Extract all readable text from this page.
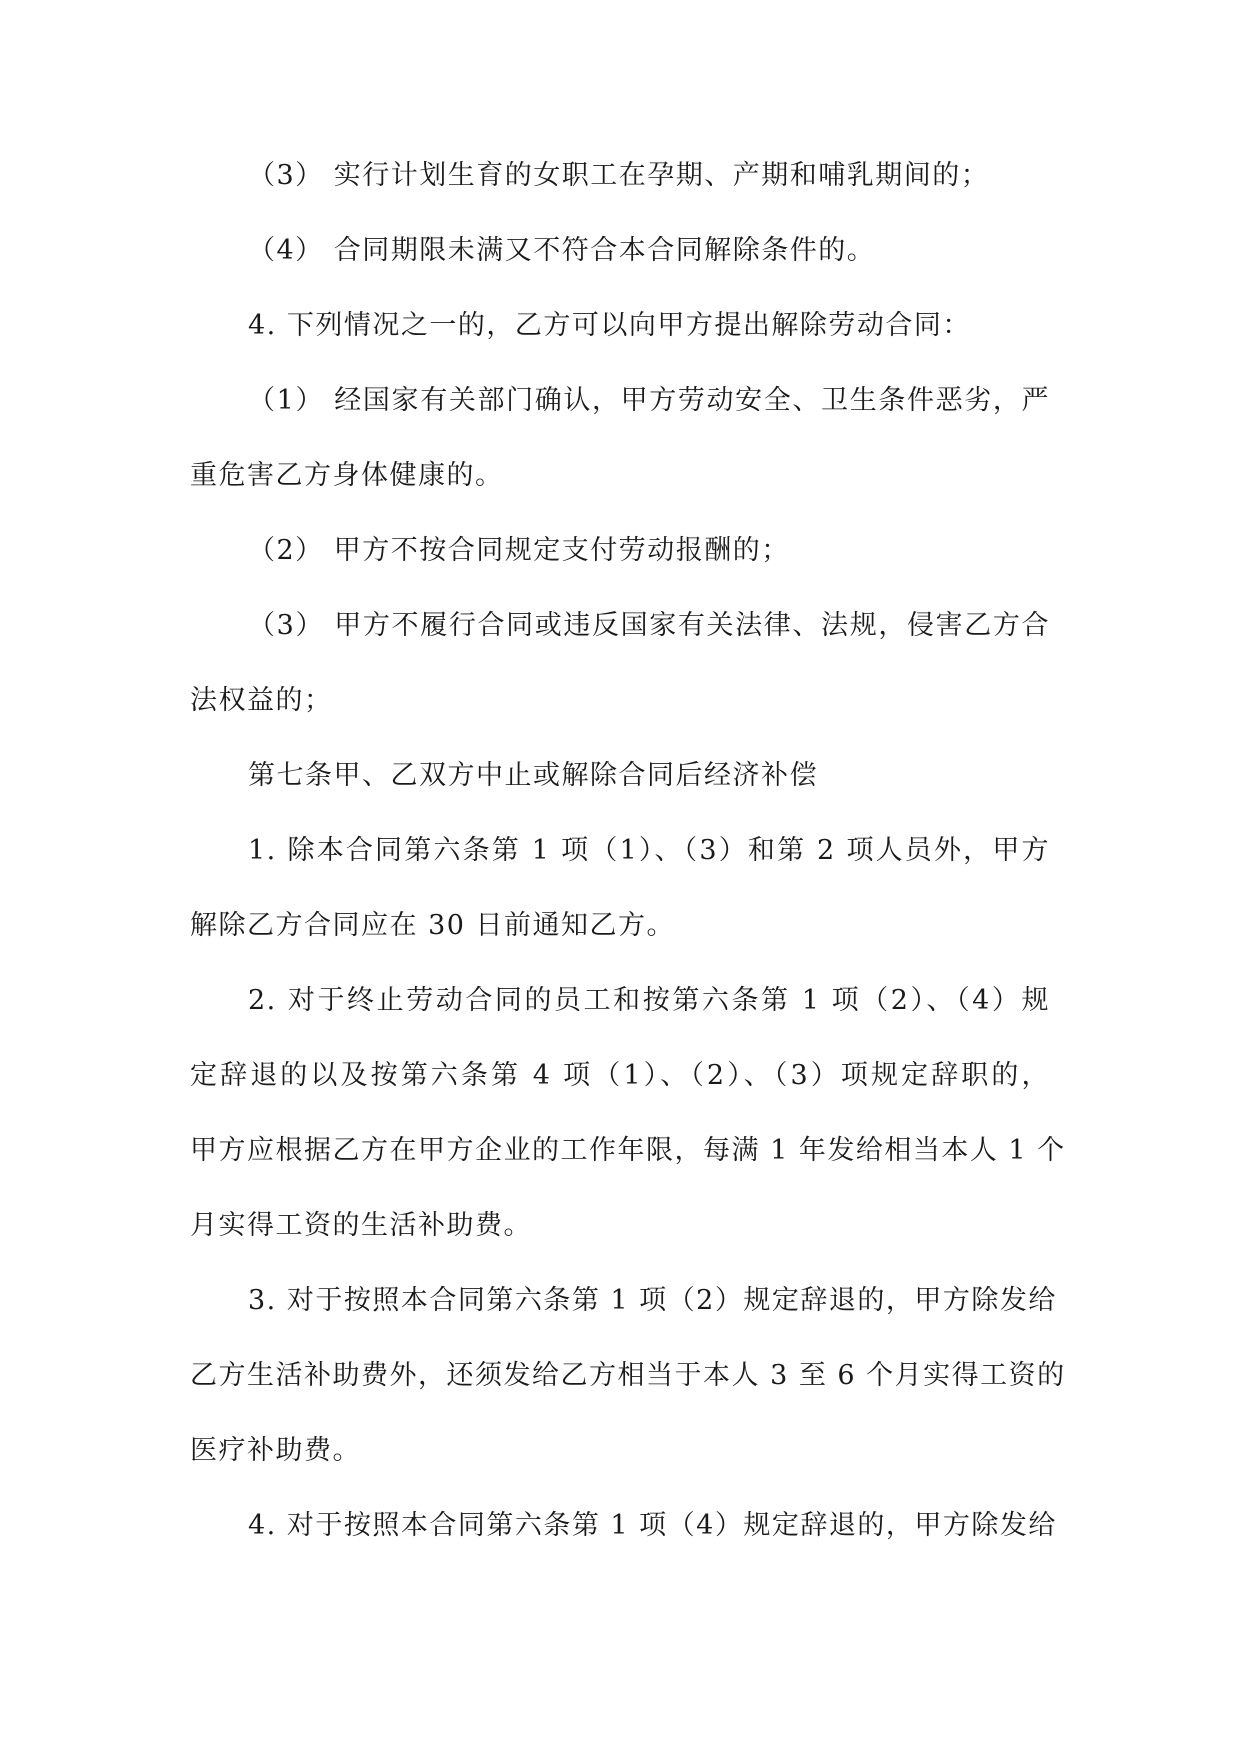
（3） 实行计划生育的女职工在孕期、产期和哺乳期间的；
（4） 合同期限未满又不符合本合同解除条件的。
4. 下列情况之一的，乙方可以向甲方提出解除劳动合同：
（1） 经国家有关部门确认，甲方劳动安全、卫生条件恶劣，严
重危害乙方身体健康的。
（2） 甲方不按合同规定支付劳动报酬的；
（3） 甲方不履行合同或违反国家有关法律、法规，侵害乙方合
法权益的；
第七条甲、乙双方中止或解除合同后经济补偿
1. 除本合同第六条第 1 项（1）、（3）和第 2 项人员外，甲方
解除乙方合同应在 30 日前通知乙方。
2. 对于终止劳动合同的员工和按第六条第 1 项（2）、（4）规
定辞退的以及按第六条第 4 项（1）、（2）、（3）项规定辞职的，
甲方应根据乙方在甲方企业的工作年限，每满 1 年发给相当本人 1 个
月实得工资的生活补助费。
3. 对于按照本合同第六条第 1 项（2）规定辞退的，甲方除发给
乙方生活补助费外，还须发给乙方相当于本人 3 至 6 个月实得工资的
医疗补助费。
4. 对于按照本合同第六条第 1 项（4）规定辞退的，甲方除发给
